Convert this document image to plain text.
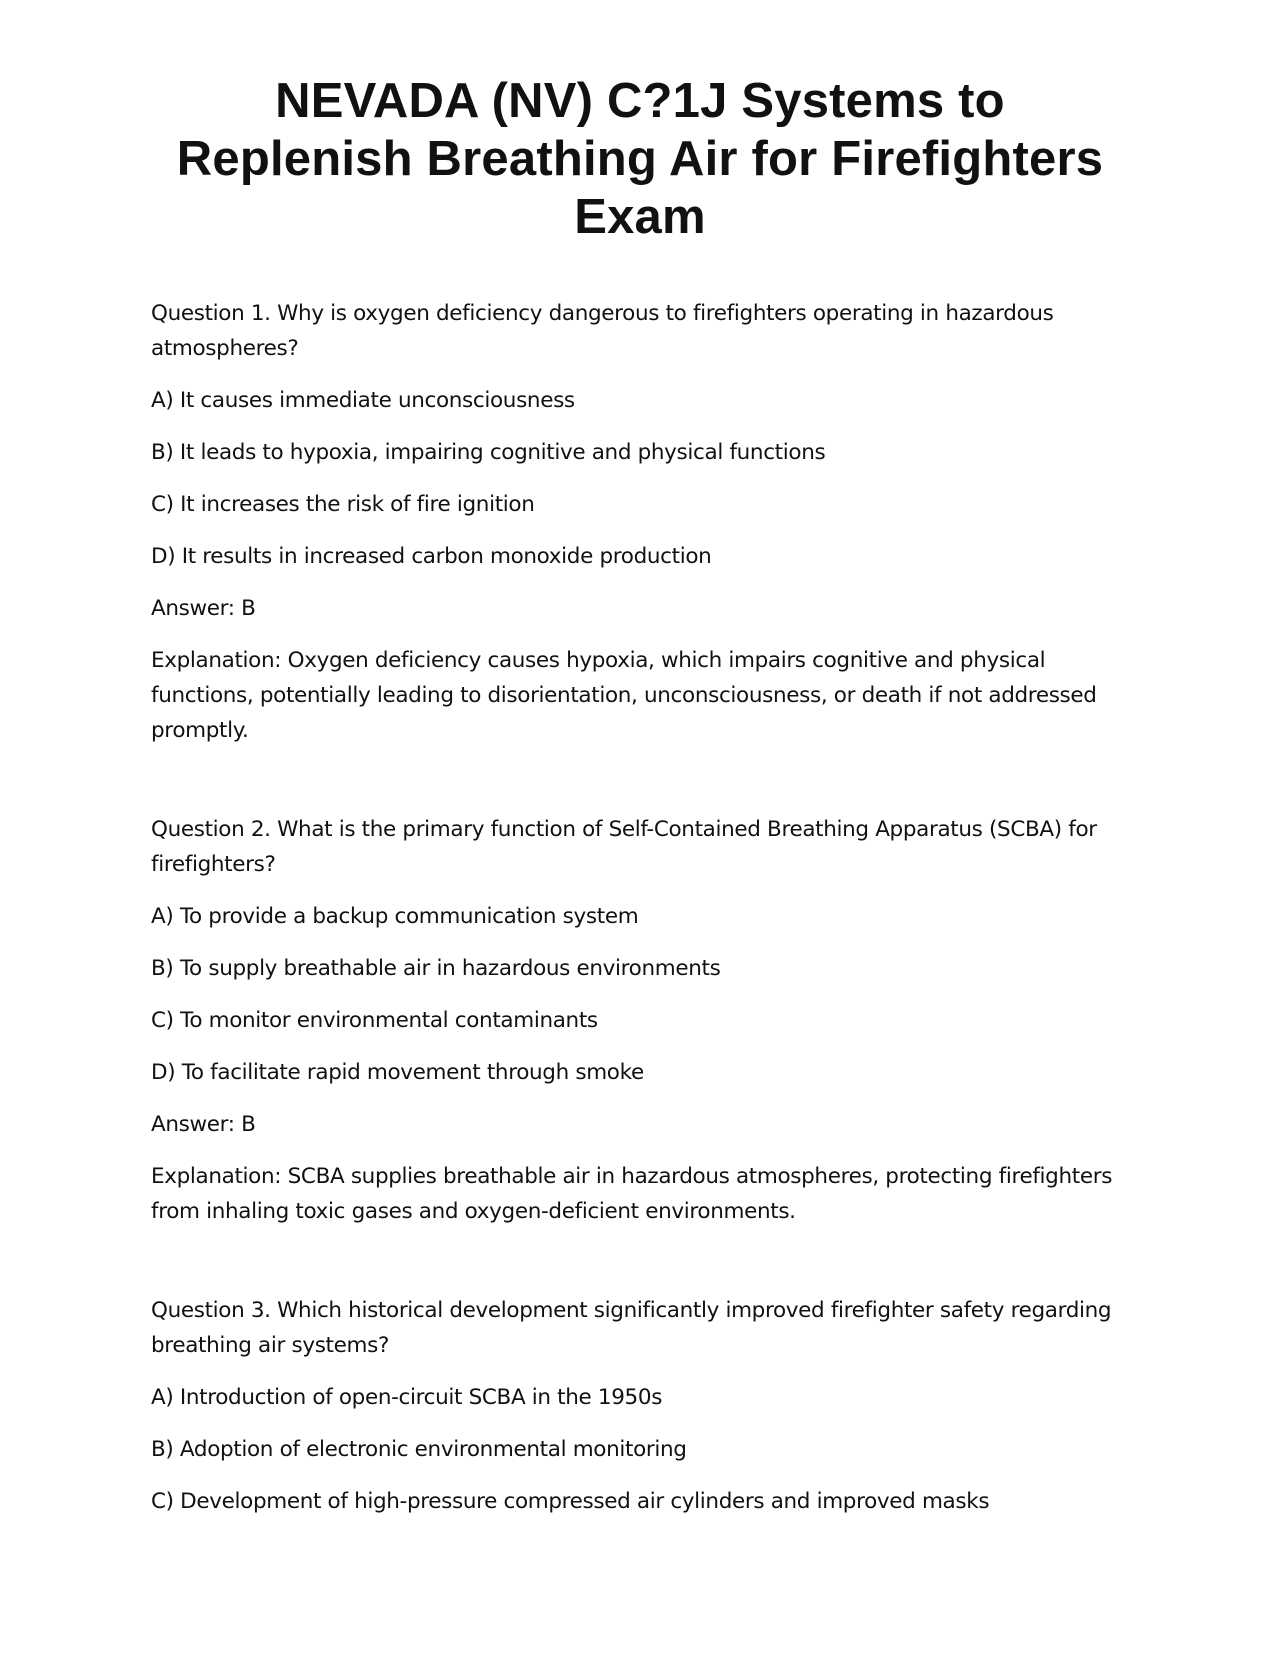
NEVADA (NV) C?1J Systems to
Replenish Breathing Air for Firefighters
Exam

Question 1. Why is oxygen deficiency dangerous to firefighters operating in hazardous atmospheres?

A) It causes immediate unconsciousness

B) It leads to hypoxia, impairing cognitive and physical functions

C) It increases the risk of fire ignition

D) It results in increased carbon monoxide production

Answer: B

Explanation: Oxygen deficiency causes hypoxia, which impairs cognitive and physical functions, potentially leading to disorientation, unconsciousness, or death if not addressed promptly.

Question 2. What is the primary function of Self-Contained Breathing Apparatus (SCBA) for firefighters?

A) To provide a backup communication system

B) To supply breathable air in hazardous environments

C) To monitor environmental contaminants

D) To facilitate rapid movement through smoke

Answer: B

Explanation: SCBA supplies breathable air in hazardous atmospheres, protecting firefighters from inhaling toxic gases and oxygen-deficient environments.

Question 3. Which historical development significantly improved firefighter safety regarding breathing air systems?

A) Introduction of open-circuit SCBA in the 1950s

B) Adoption of electronic environmental monitoring

C) Development of high-pressure compressed air cylinders and improved masks
